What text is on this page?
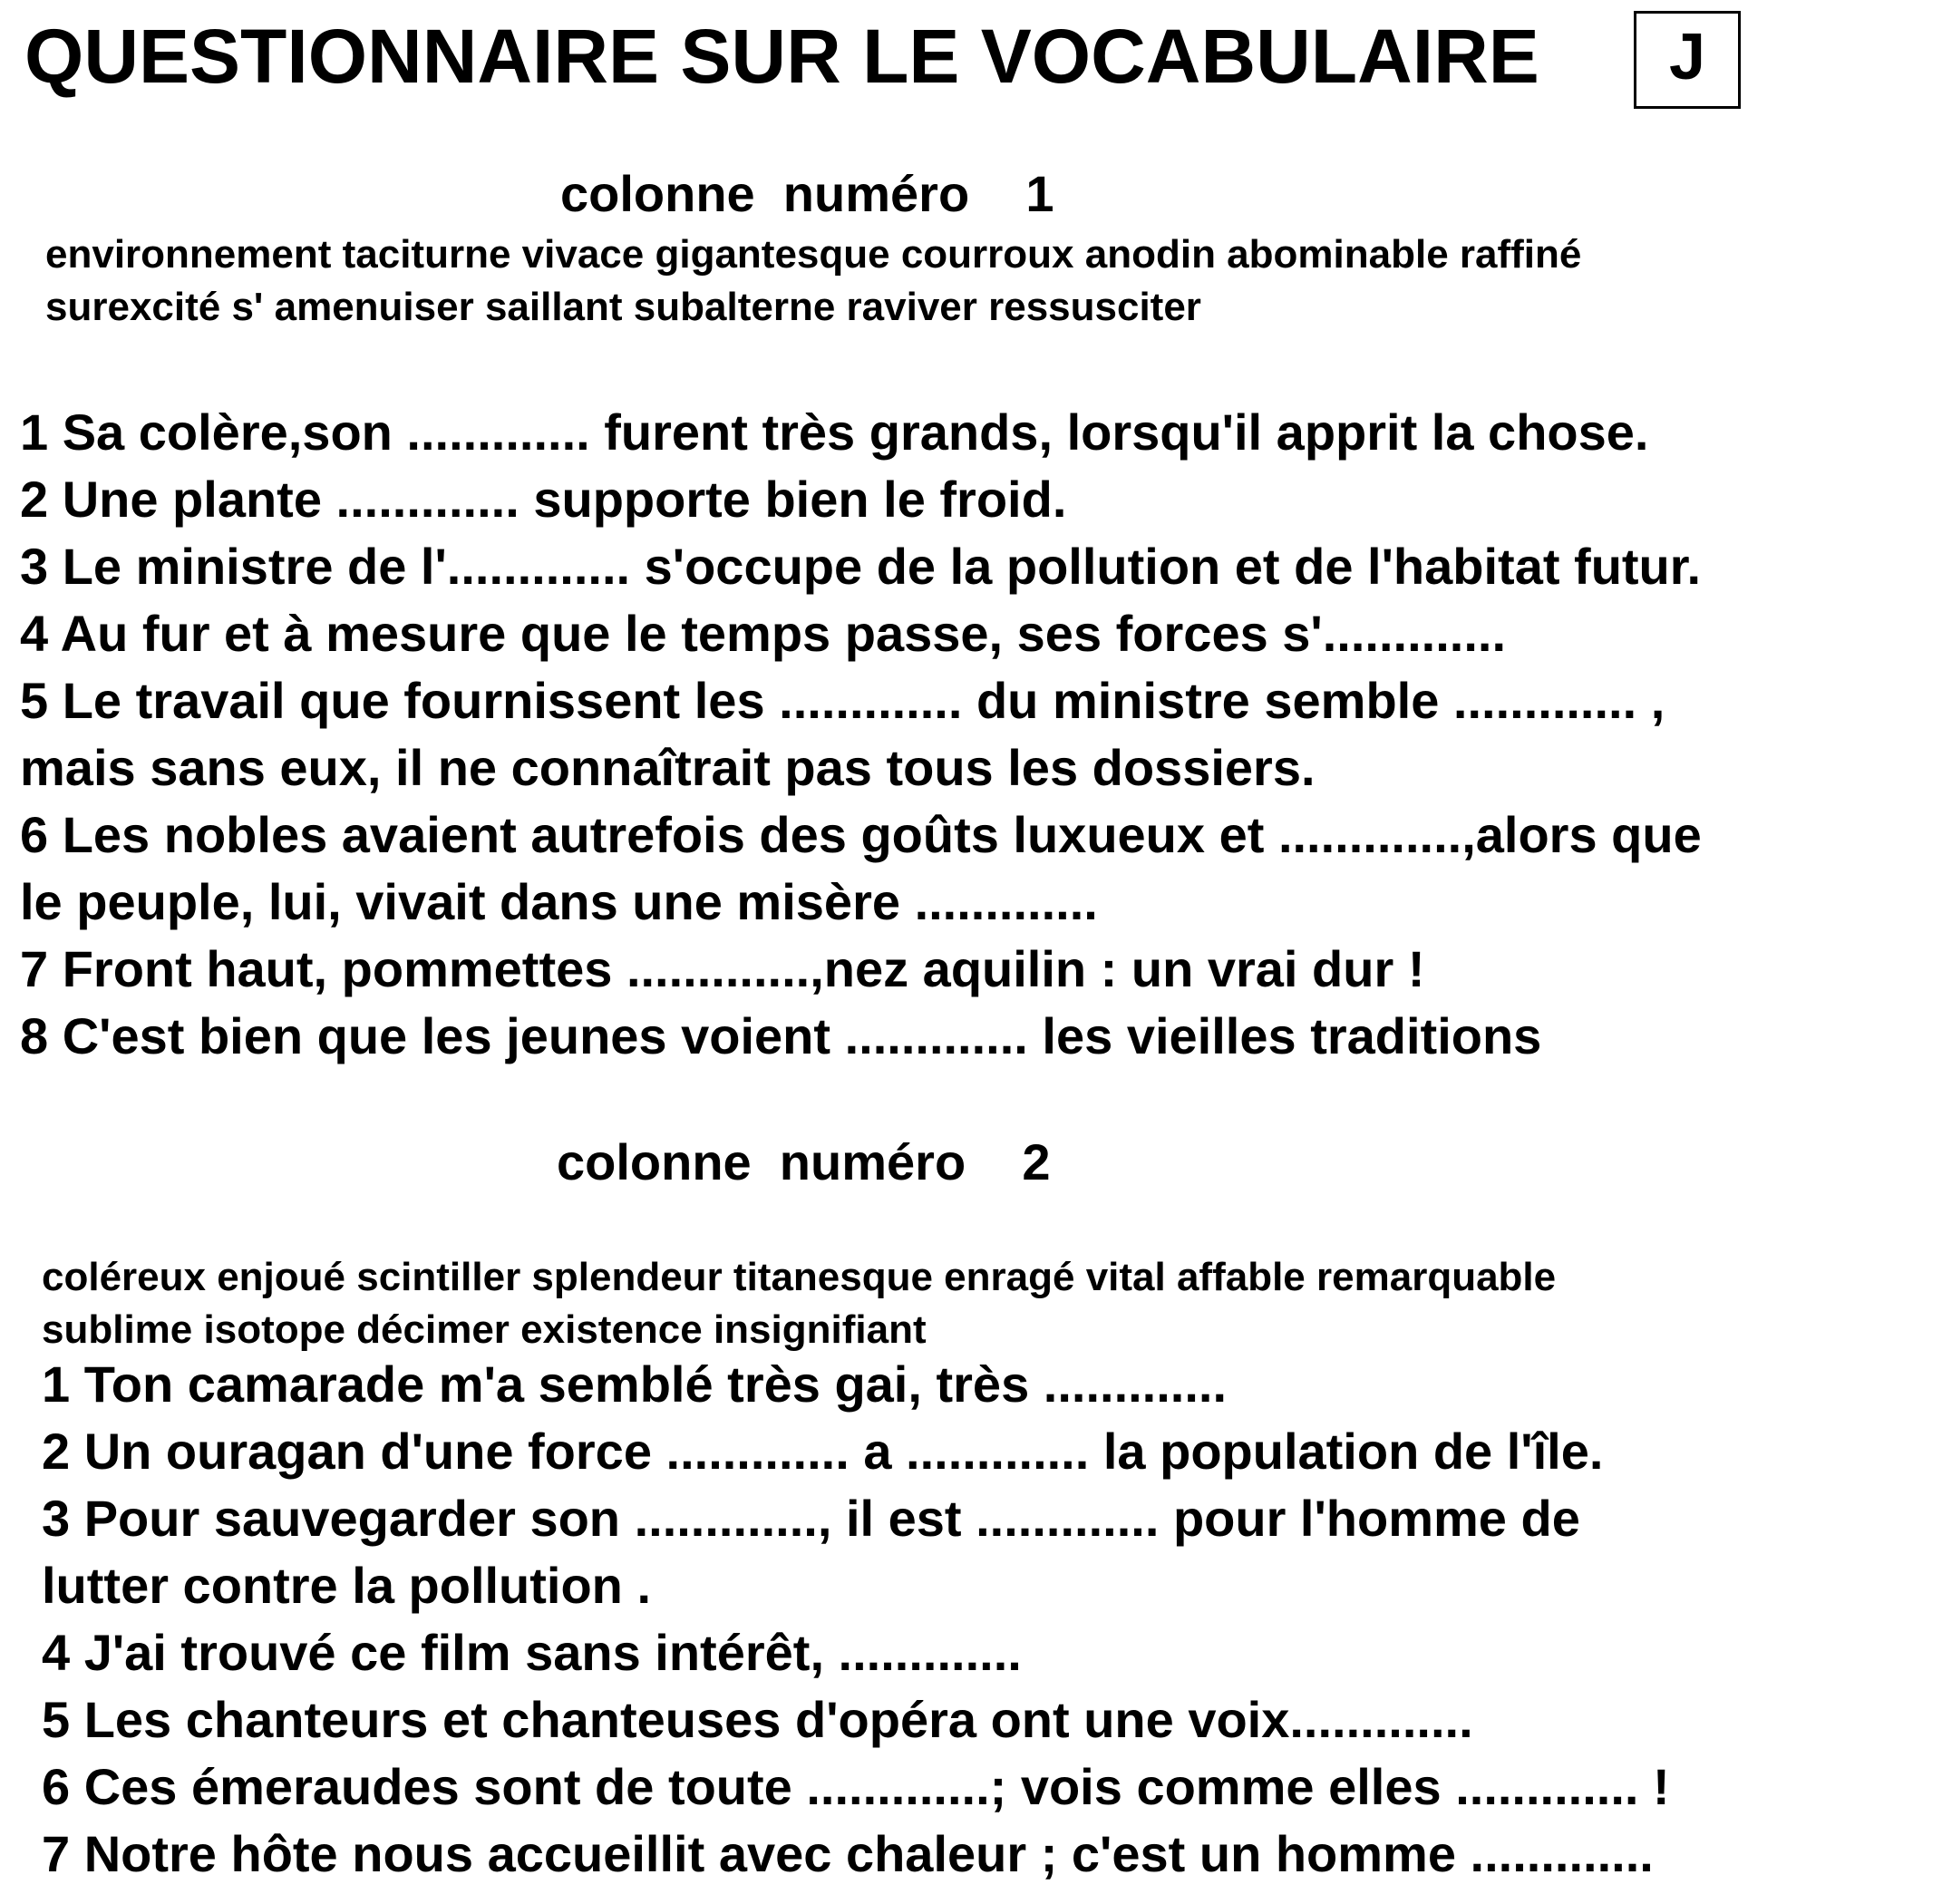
QUESTIONNAIRE SUR LE VOCABULAIRE	J
colonne  numéro    1
environnement taciturne vivace gigantesque courroux anodin abominable raffiné
surexcité s' amenuiser saillant subalterne raviver ressusciter
1 Sa colère,son ............. furent très grands, lorsqu'il apprit la chose.
2 Une plante ............. supporte bien le froid.
3 Le ministre de l'............. s'occupe de la pollution et de l'habitat futur.
4 Au fur et à mesure que le temps passe, ses forces s'.............
5 Le travail que fournissent les ............. du ministre semble ............. ,
mais sans eux, il ne connaîtrait pas tous les dossiers.
6 Les nobles avaient autrefois des goûts luxueux et .............,alors que
le peuple, lui, vivait dans une misère .............
7 Front haut, pommettes .............,nez aquilin : un vrai dur !
8 C'est bien que les jeunes voient ............. les vieilles traditions
colonne  numéro    2
coléreux enjoué scintiller splendeur titanesque enragé vital affable remarquable
sublime isotope décimer existence insignifiant
1 Ton camarade m'a semblé très gai, très .............
2 Un ouragan d'une force ............. a ............. la population de l'île.
3 Pour sauvegarder son ............., il est ............. pour l'homme de
lutter contre la pollution .
4 J'ai trouvé ce film sans intérêt, .............
5 Les chanteurs et chanteuses d'opéra ont une voix.............
6 Ces émeraudes sont de toute .............; vois comme elles ............. !
7 Notre hôte nous accueillit avec chaleur ; c'est un homme .............
